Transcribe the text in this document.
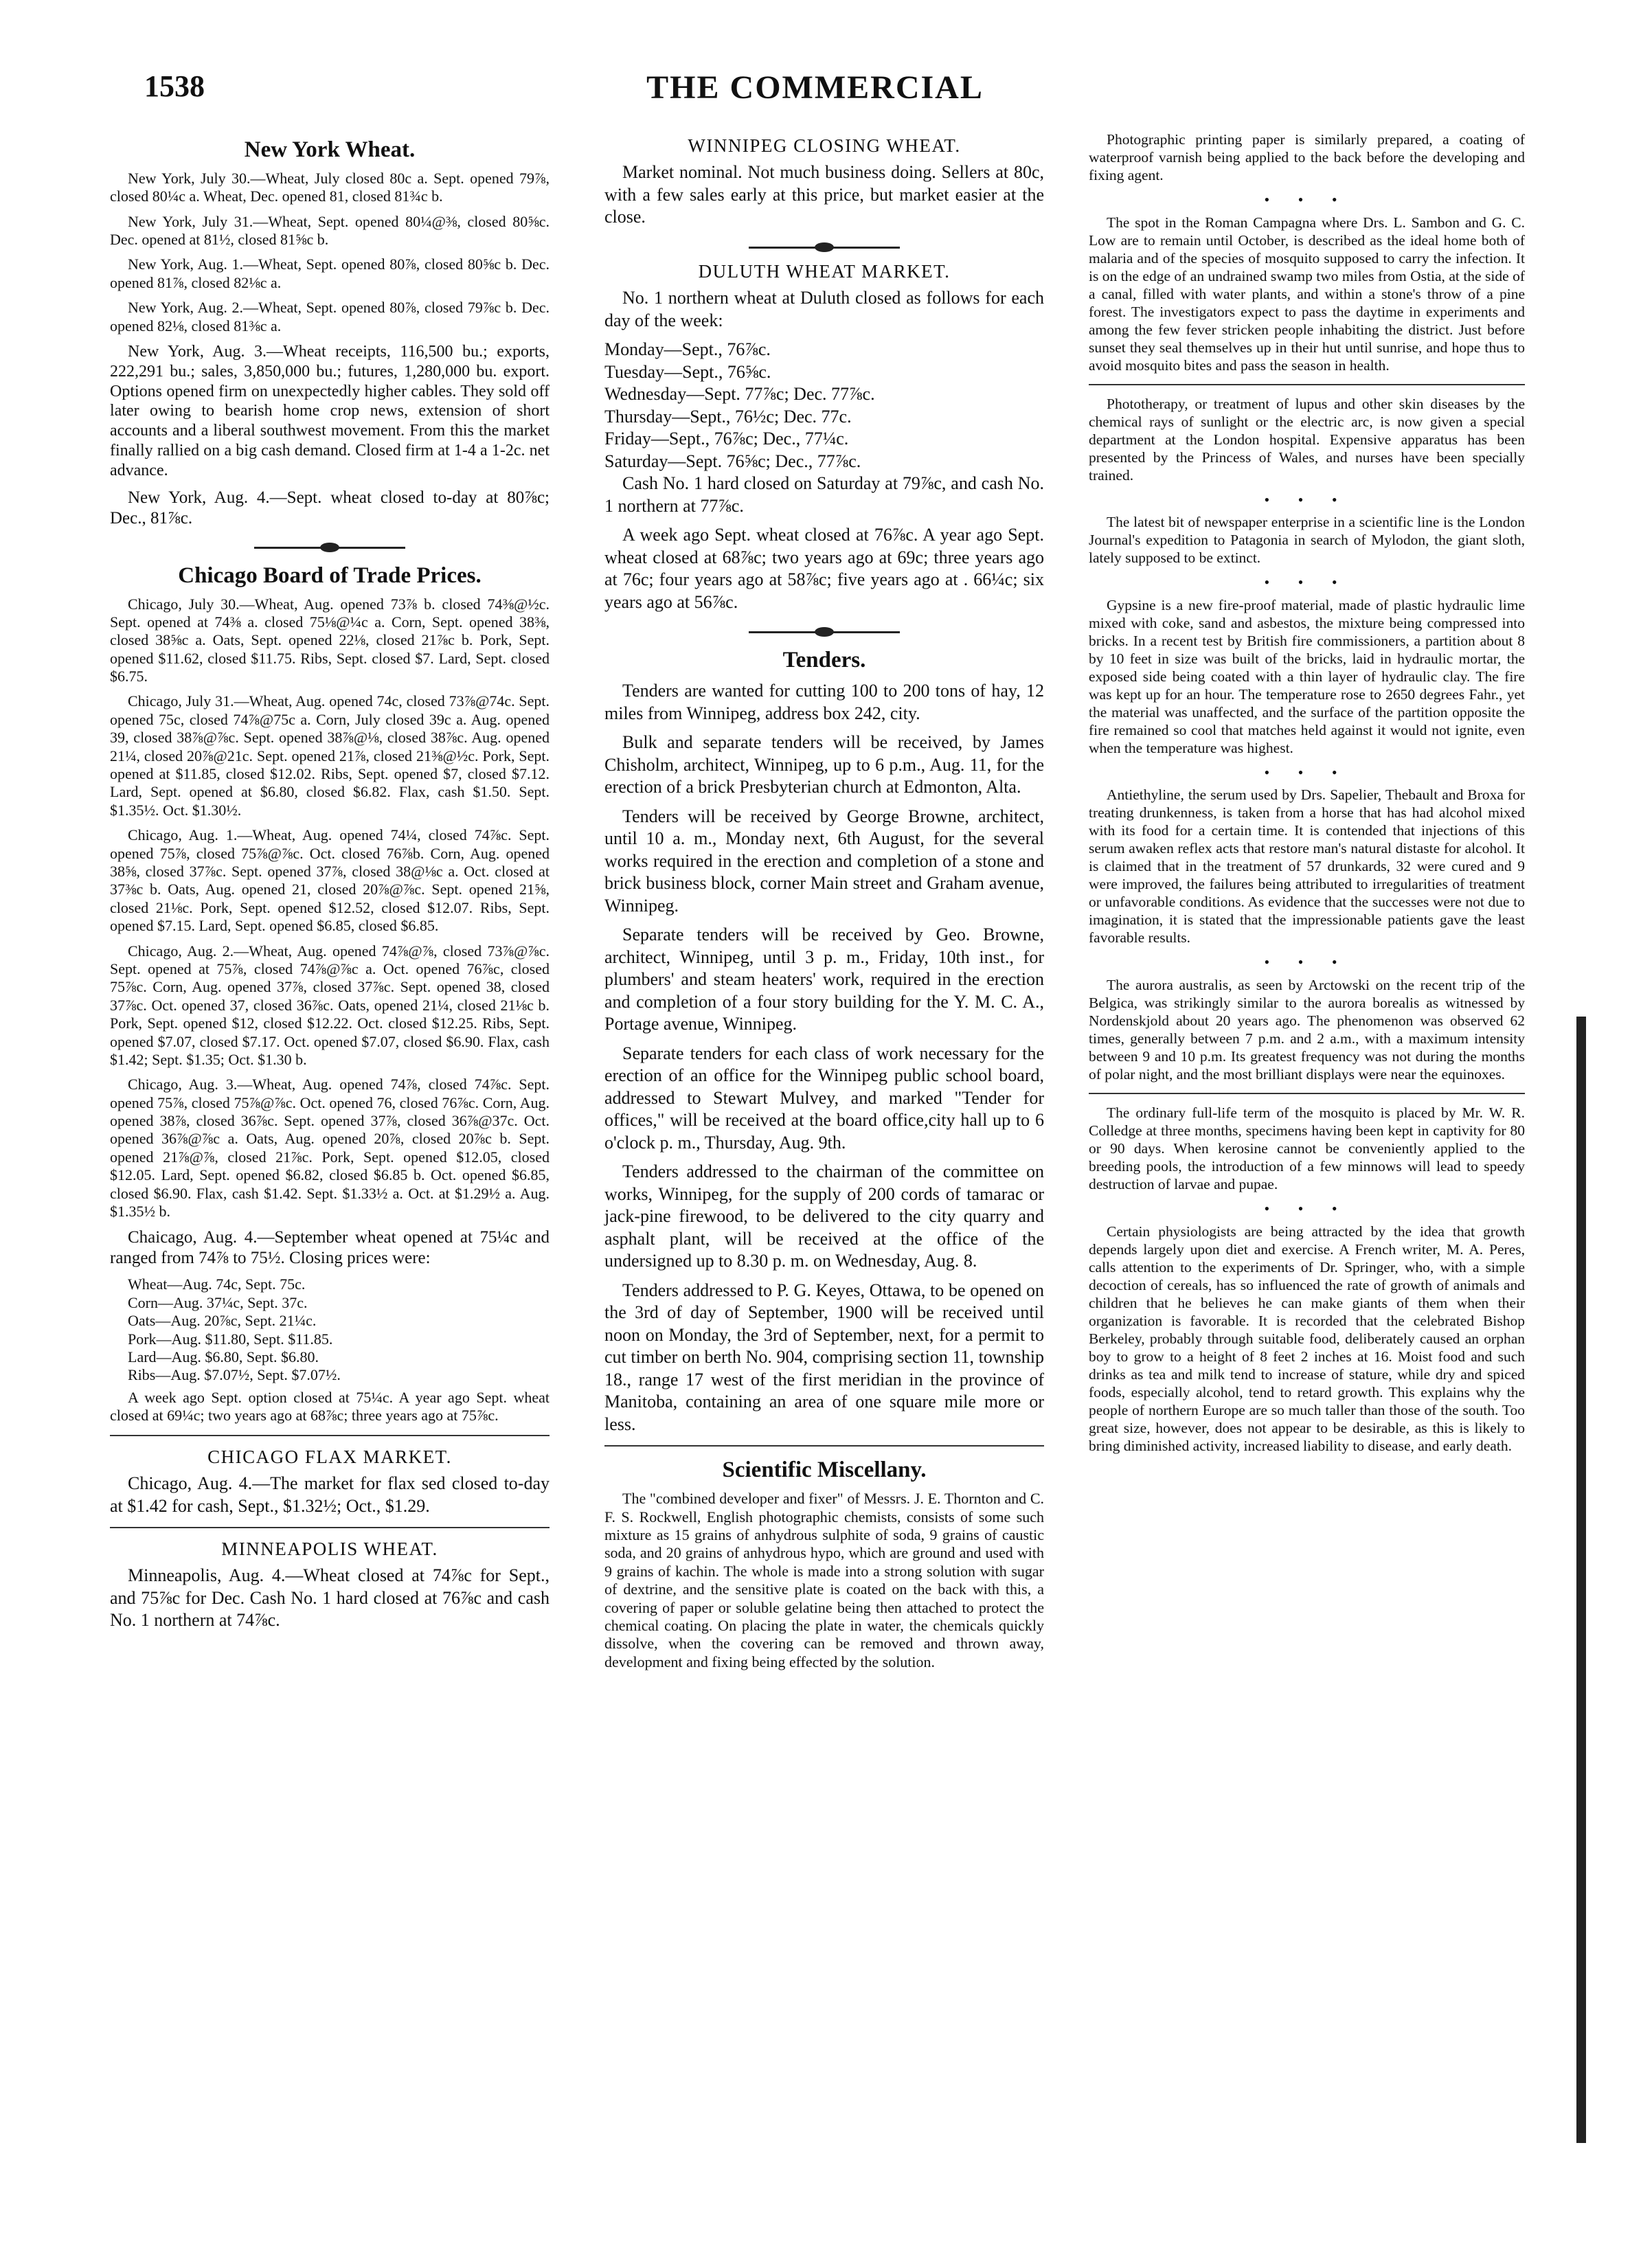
1538	THE COMMERCIAL
New York Wheat.

New York, July 30.—Wheat, July closed 80c a. Sept. opened 79⅞, closed 80¼c a. Wheat, Dec. opened 81, closed 81¾c b.

New York, July 31.—Wheat, Sept. opened 80¼@⅜, closed 80⅝c. Dec. opened at 81½, closed 81⅝c b.

New York, Aug. 1.—Wheat, Sept. opened 80⅞, closed 80⅝c b. Dec. opened 81⅞, closed 82⅛c a.

New York, Aug. 2.—Wheat, Sept. opened 80⅞, closed 79⅞c b. Dec. opened 82⅛, closed 81⅜c a.

New York, Aug. 3.—Wheat receipts, 116,500 bu.; exports, 222,291 bu.; sales, 3,850,000 bu.; futures, 1,280,000 bu. export. Options opened firm on unexpectedly higher cables. They sold off later owing to bearish home crop news, extension of short accounts and a liberal southwest movement. From this the market finally rallied on a big cash demand. Closed firm at 1-4 a 1-2c. net advance.

New York, Aug. 4.—Sept. wheat closed to-day at 80⅞c; Dec., 81⅞c.

Chicago Board of Trade Prices.

Chicago, July 30.—Wheat, Aug. opened 73⅞ b. closed 74⅜@½c. Sept. opened at 74⅜ a. closed 75⅛@¼c a. Corn, Sept. opened 38⅜, closed 38⅝c a. Oats, Sept. opened 22⅛, closed 21⅞c b. Pork, Sept. opened $11.62, closed $11.75. Ribs, Sept. closed $7. Lard, Sept. closed $6.75.

Chicago, July 31.—Wheat, Aug. opened 74c, closed 73⅞@74c. Sept. opened 75c, closed 74⅞@75c a. Corn, July closed 39c a. Aug. opened 39, closed 38⅞@⅞c. Sept. opened 38⅞@⅛, closed 38⅞c. Aug. opened 21¼, closed 20⅞@21c. Sept. opened 21⅞, closed 21⅜@½c. Pork, Sept. opened at $11.85, closed $12.02. Ribs, Sept. opened $7, closed $7.12. Lard, Sept. opened at $6.80, closed $6.82. Flax, cash $1.50. Sept. $1.35½. Oct. $1.30½.

Chicago, Aug. 1.—Wheat, Aug. opened 74¼, closed 74⅞c. Sept. opened 75⅞, closed 75⅞@⅞c. Oct. closed 76⅞b. Corn, Aug. opened 38⅝, closed 37⅞c. Sept. opened 37⅞, closed 38@⅛c a. Oct. closed at 37⅜c b. Oats, Aug. opened 21, closed 20⅞@⅞c. Sept. opened 21⅝, closed 21⅛c. Pork, Sept. opened $12.52, closed $12.07. Ribs, Sept. opened $7.15. Lard, Sept. opened $6.85, closed $6.85.

Chicago, Aug. 2.—Wheat, Aug. opened 74⅞@⅞, closed 73⅞@⅞c. Sept. opened at 75⅞, closed 74⅞@⅞c a. Oct. opened 76⅞c, closed 75⅞c. Corn, Aug. opened 37⅞, closed 37⅞c. Sept. opened 38, closed 37⅞c. Oct. opened 37, closed 36⅞c. Oats, opened 21¼, closed 21⅛c b. Pork, Sept. opened $12, closed $12.22. Oct. closed $12.25. Ribs, Sept. opened $7.07, closed $7.17. Oct. opened $7.07, closed $6.90. Flax, cash $1.42; Sept. $1.35; Oct. $1.30 b.

Chicago, Aug. 3.—Wheat, Aug. opened 74⅞, closed 74⅞c. Sept. opened 75⅞, closed 75⅞@⅞c. Oct. opened 76, closed 76⅞c. Corn, Aug. opened 38⅞, closed 36⅞c. Sept. opened 37⅞, closed 36⅞@37c. Oct. opened 36⅞@⅞c a. Oats, Aug. opened 20⅞, closed 20⅞c b. Sept. opened 21⅞@⅞, closed 21⅞c. Pork, Sept. opened $12.05, closed $12.05. Lard, Sept. opened $6.82, closed $6.85 b. Oct. opened $6.85, closed $6.90. Flax, cash $1.42. Sept. $1.33½ a. Oct. at $1.29½ a. Aug. $1.35½ b.

Chaicago, Aug. 4.—September wheat opened at 75¼c and ranged from 74⅞ to 75½. Closing prices were:

Wheat—Aug. 74c, Sept. 75c.

Corn—Aug. 37¼c, Sept. 37c.

Oats—Aug. 20⅞c, Sept. 21¼c.

Pork—Aug. $11.80, Sept. $11.85.

Lard—Aug. $6.80, Sept. $6.80.

Ribs—Aug. $7.07½, Sept. $7.07½.

A week ago Sept. option closed at 75¼c. A year ago Sept. wheat closed at 69¼c; two years ago at 68⅞c; three years ago at 75⅞c.

CHICAGO FLAX MARKET.

Chicago, Aug. 4.—The market for flax sed closed to-day at $1.42 for cash, Sept., $1.32½; Oct., $1.29.

MINNEAPOLIS WHEAT.

Minneapolis, Aug. 4.—Wheat closed at 74⅞c for Sept., and 75⅞c for Dec. Cash No. 1 hard closed at 76⅞c and cash No. 1 northern at 74⅞c.

WINNIPEG CLOSING WHEAT.

Market nominal. Not much business doing. Sellers at 80c, with a few sales early at this price, but market easier at the close.

DULUTH WHEAT MARKET.

No. 1 northern wheat at Duluth closed as follows for each day of the week:

Monday—Sept., 76⅞c.

Tuesday—Sept., 76⅝c.

Wednesday—Sept. 77⅞c; Dec. 77⅞c.

Thursday—Sept., 76½c; Dec. 77c.

Friday—Sept., 76⅞c; Dec., 77¼c.

Saturday—Sept. 76⅝c; Dec., 77⅞c.

Cash No. 1 hard closed on Saturday at 79⅞c, and cash No. 1 northern at 77⅞c.

A week ago Sept. wheat closed at 76⅞c. A year ago Sept. wheat closed at 68⅞c; two years ago at 69c; three years ago at 76c; four years ago at 58⅞c; five years ago at . 66¼c; six years ago at 56⅞c.

Tenders.

Tenders are wanted for cutting 100 to 200 tons of hay, 12 miles from Winnipeg, address box 242, city.

Bulk and separate tenders will be received, by James Chisholm, architect, Winnipeg, up to 6 p.m., Aug. 11, for the erection of a brick Presbyterian church at Edmonton, Alta.

Tenders will be received by George Browne, architect, until 10 a. m., Monday next, 6th August, for the several works required in the erection and completion of a stone and brick business block, corner Main street and Graham avenue, Winnipeg.

Separate tenders will be received by Geo. Browne, architect, Winnipeg, until 3 p. m., Friday, 10th inst., for plumbers' and steam heaters' work, required in the erection and completion of a four story building for the Y. M. C. A., Portage avenue, Winnipeg.

Separate tenders for each class of work necessary for the erection of an office for the Winnipeg public school board, addressed to Stewart Mulvey, and marked "Tender for offices," will be received at the board office,city hall up to 6 o'clock p. m., Thursday, Aug. 9th.

Tenders addressed to the chairman of the committee on works, Winnipeg, for the supply of 200 cords of tamarac or jack-pine firewood, to be delivered to the city quarry and asphalt plant, will be received at the office of the undersigned up to 8.30 p. m. on Wednesday, Aug. 8.

Tenders addressed to P. G. Keyes, Ottawa, to be opened on the 3rd of day of September, 1900 will be received until noon on Monday, the 3rd of September, next, for a permit to cut timber on berth No. 904, comprising section 11, township 18., range 17 west of the first meridian in the province of Manitoba, containing an area of one square mile more or less.

Scientific Miscellany.

The "combined developer and fixer" of Messrs. J. E. Thornton and C. F. S. Rockwell, English photographic chemists, consists of some such mixture as 15 grains of anhydrous sulphite of soda, 9 grains of caustic soda, and 20 grains of anhydrous hypo, which are ground and used with 9 grains of kachin. The whole is made into a strong solution with sugar of dextrine, and the sensitive plate is coated on the back with this, a covering of paper or soluble gelatine being then attached to protect the chemical coating. On placing the plate in water, the chemicals quickly dissolve, when the covering can be removed and thrown away, development and fixing being effected by the solution.

Photographic printing paper is similarly prepared, a coating of waterproof varnish being applied to the back before the developing and fixing agent.

• • •

The spot in the Roman Campagna where Drs. L. Sambon and G. C. Low are to remain until October, is described as the ideal home both of malaria and of the species of mosquito supposed to carry the infection. It is on the edge of an undrained swamp two miles from Ostia, at the side of a canal, filled with water plants, and within a stone's throw of a pine forest. The investigators expect to pass the daytime in experiments and among the few fever stricken people inhabiting the district. Just before sunset they seal themselves up in their hut until sunrise, and hope thus to avoid mosquito bites and pass the season in health.

Phototherapy, or treatment of lupus and other skin diseases by the chemical rays of sunlight or the electric arc, is now given a special department at the London hospital. Expensive apparatus has been presented by the Princess of Wales, and nurses have been specially trained.

• • •

The latest bit of newspaper enterprise in a scientific line is the London Journal's expedition to Patagonia in search of Mylodon, the giant sloth, lately supposed to be extinct.

• • •

Gypsine is a new fire-proof material, made of plastic hydraulic lime mixed with coke, sand and asbestos, the mixture being compressed into bricks. In a recent test by British fire commissioners, a partition about 8 by 10 feet in size was built of the bricks, laid in hydraulic mortar, the exposed side being coated with a thin layer of hydraulic clay. The fire was kept up for an hour. The temperature rose to 2650 degrees Fahr., yet the material was unaffected, and the surface of the partition opposite the fire remained so cool that matches held against it would not ignite, even when the temperature was highest.

• • •

Antiethyline, the serum used by Drs. Sapelier, Thebault and Broxa for treating drunkenness, is taken from a horse that has had alcohol mixed with its food for a certain time. It is contended that injections of this serum awaken reflex acts that restore man's natural distaste for alcohol. It is claimed that in the treatment of 57 drunkards, 32 were cured and 9 were improved, the failures being attributed to irregularities of treatment or unfavorable conditions. As evidence that the successes were not due to imagination, it is stated that the impressionable patients gave the least favorable results.

• • •

The aurora australis, as seen by Arctowski on the recent trip of the Belgica, was strikingly similar to the aurora borealis as witnessed by Nordenskjold about 20 years ago. The phenomenon was observed 62 times, generally between 7 p.m. and 2 a.m., with a maximum intensity between 9 and 10 p.m. Its greatest frequency was not during the months of polar night, and the most brilliant displays were near the equinoxes.

The ordinary full-life term of the mosquito is placed by Mr. W. R. Colledge at three months, specimens having been kept in captivity for 80 or 90 days. When kerosine cannot be conveniently applied to the breeding pools, the introduction of a few minnows will lead to speedy destruction of larvae and pupae.

• • •

Certain physiologists are being attracted by the idea that growth depends largely upon diet and exercise. A French writer, M. A. Peres, calls attention to the experiments of Dr. Springer, who, with a simple decoction of cereals, has so influenced the rate of growth of animals and children that he believes he can make giants of them when their organization is favorable. It is recorded that the celebrated Bishop Berkeley, probably through suitable food, deliberately caused an orphan boy to grow to a height of 8 feet 2 inches at 16. Moist food and such drinks as tea and milk tend to increase of stature, while dry and spiced foods, especially alcohol, tend to retard growth. This explains why the people of northern Europe are so much taller than those of the south. Too great size, however, does not appear to be desirable, as this is likely to bring diminished activity, increased liability to disease, and early death.
